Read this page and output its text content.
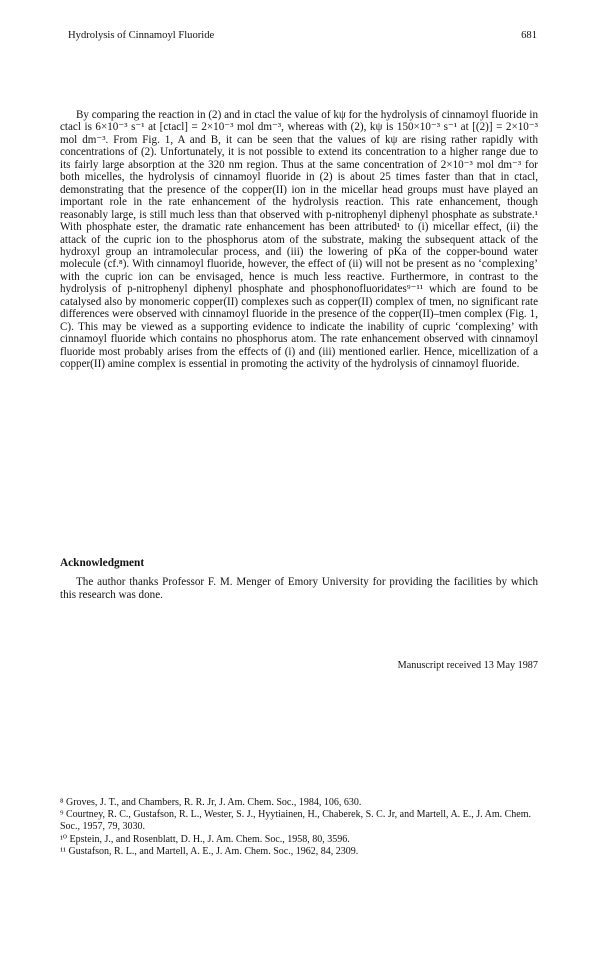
Hydrolysis of Cinnamoyl Fluoride	681

By comparing the reaction in (2) and in ctacl the value of kψ for the hydrolysis of cinnamoyl fluoride in ctacl is 6×10⁻³ s⁻¹ at [ctacl] = 2×10⁻³ mol dm⁻³, whereas with (2), kψ is 150×10⁻³ s⁻¹ at [(2)] = 2×10⁻³ mol dm⁻³. From Fig. 1, A and B, it can be seen that the values of kψ are rising rather rapidly with concentrations of (2). Unfortunately, it is not possible to extend its concentration to a higher range due to its fairly large absorption at the 320 nm region. Thus at the same concentration of 2×10⁻³ mol dm⁻³ for both micelles, the hydrolysis of cinnamoyl fluoride in (2) is about 25 times faster than that in ctacl, demonstrating that the presence of the copper(II) ion in the micellar head groups must have played an important role in the rate enhancement of the hydrolysis reaction. This rate enhancement, though reasonably large, is still much less than that observed with p-nitrophenyl diphenyl phosphate as substrate.¹ With phosphate ester, the dramatic rate enhancement has been attributed¹ to (i) micellar effect, (ii) the attack of the cupric ion to the phosphorus atom of the substrate, making the subsequent attack of the hydroxyl group an intramolecular process, and (iii) the lowering of pKa of the copper-bound water molecule (cf.⁸). With cinnamoyl fluoride, however, the effect of (ii) will not be present as no ‘complexing’ with the cupric ion can be envisaged, hence is much less reactive. Furthermore, in contrast to the hydrolysis of p-nitrophenyl diphenyl phosphate and phosphonofluoridates⁹⁻¹¹ which are found to be catalysed also by monomeric copper(II) complexes such as copper(II) complex of tmen, no significant rate differences were observed with cinnamoyl fluoride in the presence of the copper(II)–tmen complex (Fig. 1, C). This may be viewed as a supporting evidence to indicate the inability of cupric ‘complexing’ with cinnamoyl fluoride which contains no phosphorus atom. The rate enhancement observed with cinnamoyl fluoride most probably arises from the effects of (i) and (iii) mentioned earlier. Hence, micellization of a copper(II) amine complex is essential in promoting the activity of the hydrolysis of cinnamoyl fluoride.

Acknowledgment

The author thanks Professor F. M. Menger of Emory University for providing the facilities by which this research was done.

Manuscript received 13 May 1987

⁸ Groves, J. T., and Chambers, R. R. Jr, J. Am. Chem. Soc., 1984, 106, 630.

⁹ Courtney, R. C., Gustafson, R. L., Wester, S. J., Hyytiainen, H., Chaberek, S. C. Jr, and Martell, A. E., J. Am. Chem. Soc., 1957, 79, 3030.

¹⁰ Epstein, J., and Rosenblatt, D. H., J. Am. Chem. Soc., 1958, 80, 3596.

¹¹ Gustafson, R. L., and Martell, A. E., J. Am. Chem. Soc., 1962, 84, 2309.
